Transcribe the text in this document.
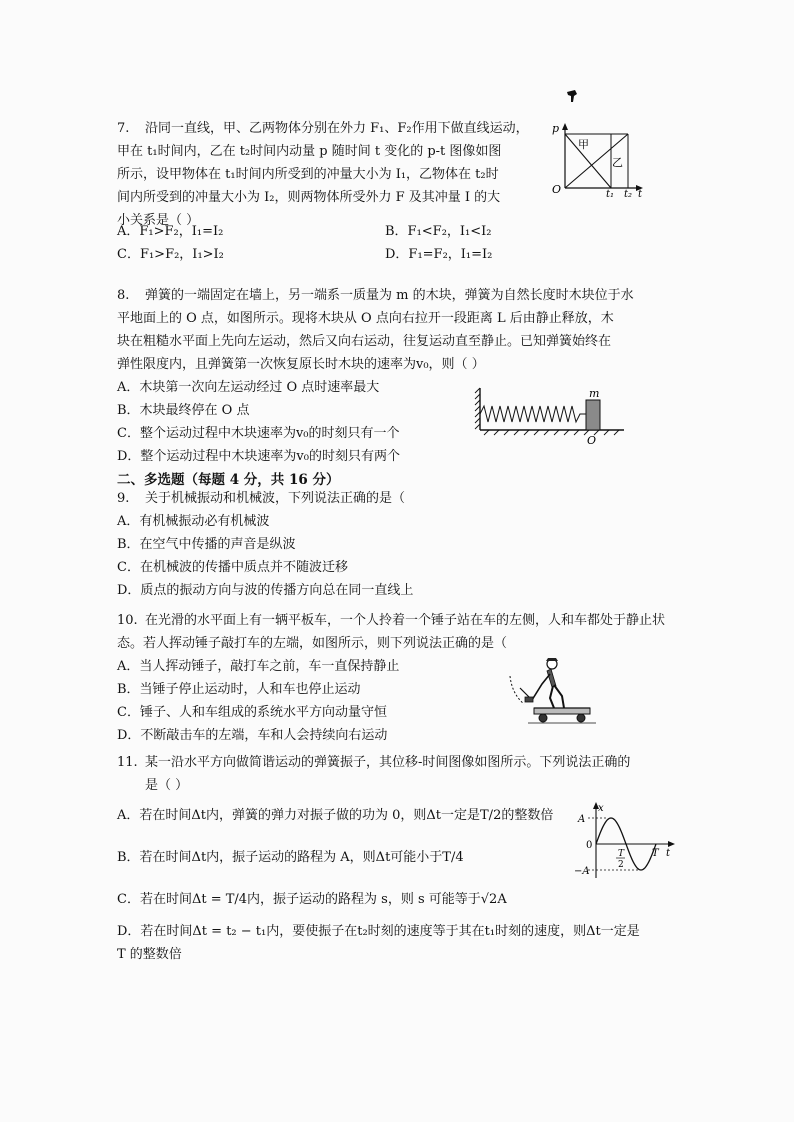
7. 沿同一直线，甲、乙两物体分别在外力 F₁、F₂作用下做直线运动，
甲在 t₁时间内，乙在 t₂时间内动量 p 随时间 t 变化的 p-t 图像如图
所示，设甲物体在 t₁时间内所受到的冲量大小为 I₁，乙物体在 t₂时
间内所受到的冲量大小为 I₂，则两物体所受外力 F 及其冲量 I 的大
小关系是（ ）
A．F₁>F₂，I₁=I₂	B．F₁<F₂，I₁<I₂
C．F₁>F₂，I₁>I₂	D．F₁=F₂，I₁=I₂
p
O
甲
乙
t₁ t₂ t
8. 弹簧的一端固定在墙上，另一端系一质量为 m 的木块，弹簧为自然长度时木块位于水
平地面上的 O 点，如图所示。现将木块从 O 点向右拉开一段距离 L 后由静止释放，木
块在粗糙水平面上先向左运动，然后又向右运动，往复运动直至静止。已知弹簧始终在
弹性限度内，且弹簧第一次恢复原长时木块的速率为v₀，则（ ）
A．木块第一次向左运动经过 O 点时速率最大
B．木块最终停在 O 点
C．整个运动过程中木块速率为v₀的时刻只有一个
D．整个运动过程中木块速率为v₀的时刻只有两个
m
O
二、多选题（每题 4 分，共 16 分）
9. 关于机械振动和机械波，下列说法正确的是（
A．有机械振动必有机械波
B．在空气中传播的声音是纵波
C．在机械波的传播中质点并不随波迁移
D．质点的振动方向与波的传播方向总在同一直线上
10. 在光滑的水平面上有一辆平板车，一个人拎着一个锤子站在车的左侧，人和车都处于静止状
态。若人挥动锤子敲打车的左端，如图所示，则下列说法正确的是（
A．当人挥动锤子，敲打车之前，车一直保持静止
B．当锤子停止运动时，人和车也停止运动
C．锤子、人和车组成的系统水平方向动量守恒
D．不断敲击车的左端，车和人会持续向右运动
11. 某一沿水平方向做简谐运动的弹簧振子，其位移-时间图像如图所示。下列说法正确的
是（ ）
A．若在时间Δt内，弹簧的弹力对振子做的功为 0，则Δt一定是T/2的整数倍
B．若在时间Δt内，振子运动的路程为 A，则Δt可能小于T/4
C．若在时间Δt = T/4内，振子运动的路程为 s，则 s 可能等于√2A
D．若在时间Δt = t₂ − t₁内，要使振子在t₂时刻的速度等于其在t₁时刻的速度，则Δt一定是
T 的整数倍
x
A
0
−A
T
2
T t
